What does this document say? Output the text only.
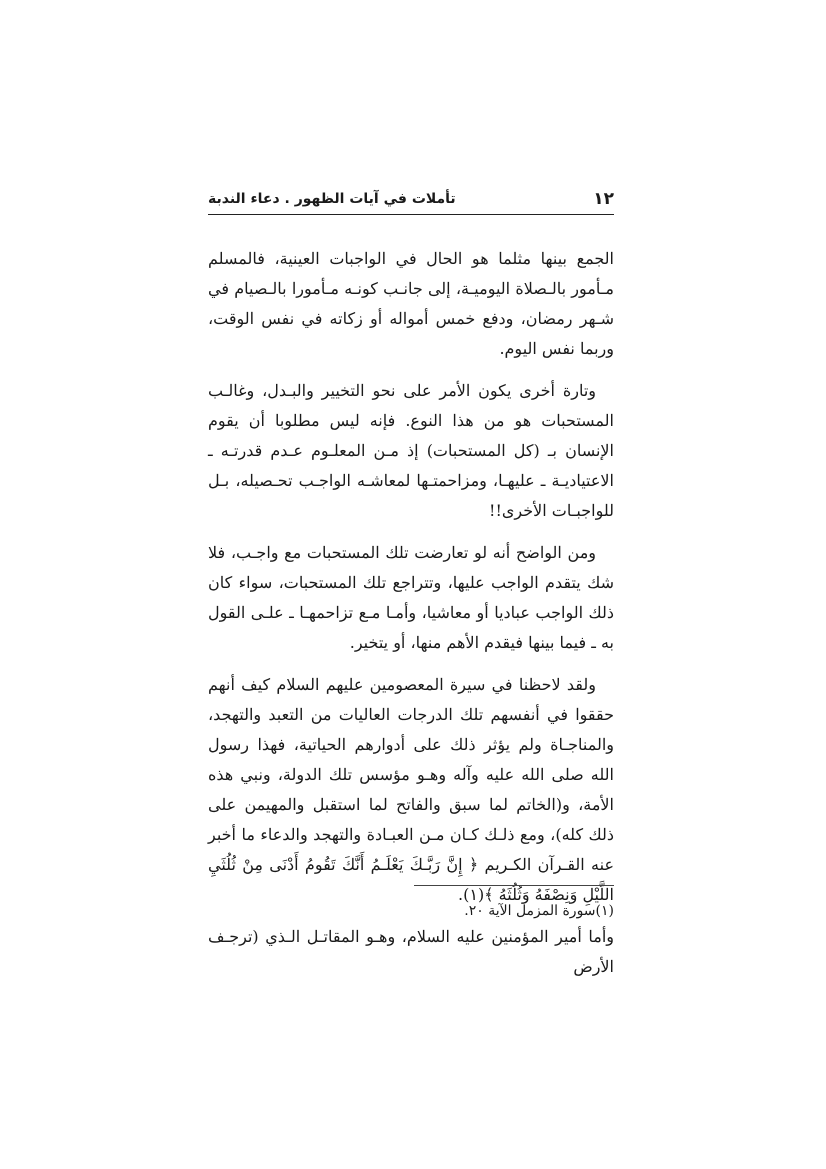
١٢
تأملات في آيات الظهور . دعاء الندبة

الجمع بينها مثلما هو الحال في الواجبات العينية، فالمسلم مـأمور بالـصلاة اليوميـة، إلى جانـب كونـه مـأمورا بالـصيام في شـهر رمضان، ودفع خمس أمواله أو زكاته في نفس الوقت، وربما نفس اليوم.

وتارة أخرى يكون الأمر على نحو التخيير والبـدل، وغالـب المستحبات هو من هذا النوع. فإنه ليس مطلوبا أن يقوم الإنسان بـ (كل المستحبات) إذ مـن المعلـوم عـدم قدرتـه ـ الاعتياديـة ـ عليهـا، ومزاحمتـها لمعاشـه الواجـب تحـصيله، بـل للواجبـات الأخرى!!

ومن الواضح أنه لو تعارضت تلك المستحبات مع واجـب، فلا شك يتقدم الواجب عليها، وتتراجع تلك المستحبات، سواء كان ذلك الواجب عباديا أو معاشيا، وأمـا مـع تزاحمهـا ـ علـى القول به ـ فيما بينها فيقدم الأهم منها، أو يتخير.

ولقد لاحظنا في سيرة المعصومين عليهم السلام كيف أنهم حققوا في أنفسهم تلك الدرجات العاليات من التعبد والتهجد، والمناجـاة ولم يؤثر ذلك على أدوارهم الحياتية، فهذا رسول الله صلى الله عليه وآله وهـو مؤسس تلك الدولة، ونبي هذه الأمة، و(الخاتم لما سبق والفاتح لما استقبل والمهيمن على ذلك كله)، ومع ذلـك كـان مـن العبـادة والتهجد والدعاء ما أخبر عنه القـرآن الكـريم ﴿ إِنَّ رَبَّـكَ يَعْلَـمُ أَنَّكَ تَقُومُ أَدْنَى مِنْ ثُلُثَيِ اللَّيْلِ وَنِصْفَهُ وَثُلُثَهُ ﴾(١).

وأما أمير المؤمنين عليه السلام، وهـو المقاتـل الـذي (ترجـف الأرض

(١)سورة المزمل الآية ٢٠.
